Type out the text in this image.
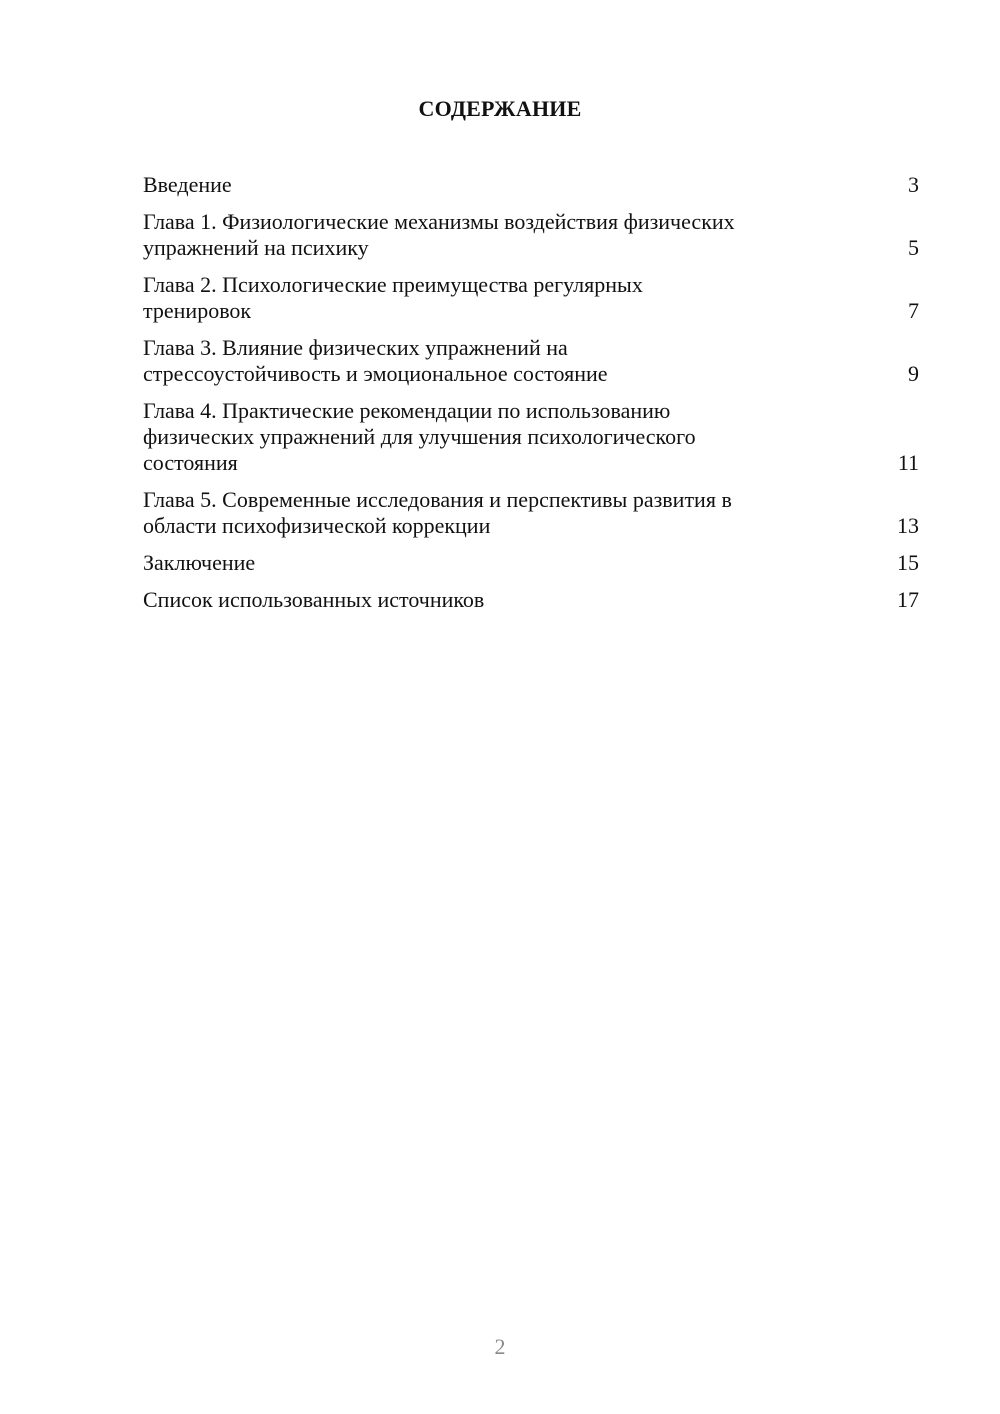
СОДЕРЖАНИЕ
Введение	3
Глава 1. Физиологические механизмы воздействия физических
упражнений на психику	5
Глава 2. Психологические преимущества регулярных
тренировок	7
Глава 3. Влияние физических упражнений на
стрессоустойчивость и эмоциональное состояние	9
Глава 4. Практические рекомендации по использованию
физических упражнений для улучшения психологического
состояния	11
Глава 5. Современные исследования и перспективы развития в
области психофизической коррекции	13
Заключение	15
Список использованных источников	17
2
